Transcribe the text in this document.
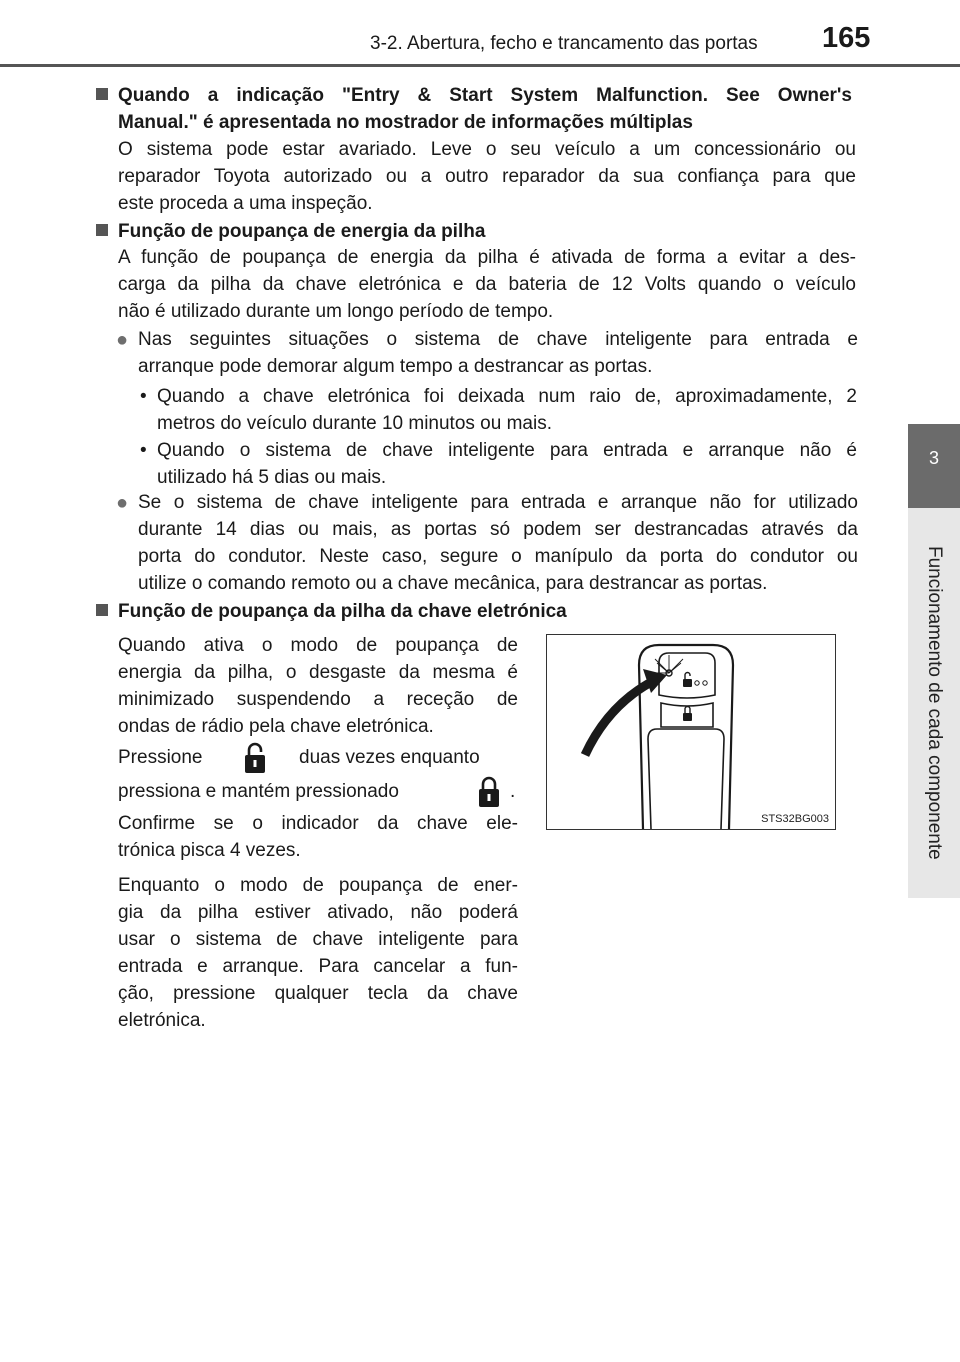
3-2. Abertura, fecho e trancamento das portas 165
3
Funcionamento de cada componente
Quando a indicação "Entry & Start System Malfunction. See Owner's
Manual." é apresentada no mostrador de informações múltiplas
O sistema pode estar avariado. Leve o seu veículo a um concessionário ou
reparador Toyota autorizado ou a outro reparador da sua confiança para que
este proceda a uma inspeção.
Função de poupança de energia da pilha
A função de poupança de energia da pilha é ativada de forma a evitar a des-
carga da pilha da chave eletrónica e da bateria de 12 Volts quando o veículo
não é utilizado durante um longo período de tempo.
● Nas seguintes situações o sistema de chave inteligente para entrada e
arranque pode demorar algum tempo a destrancar as portas.
• Quando a chave eletrónica foi deixada num raio de, aproximadamente, 2
metros do veículo durante 10 minutos ou mais.
• Quando o sistema de chave inteligente para entrada e arranque não é
utilizado há 5 dias ou mais.
● Se o sistema de chave inteligente para entrada e arranque não for utilizado
durante 14 dias ou mais, as portas só podem ser destrancadas através da
porta do condutor. Neste caso, segure o manípulo da porta do condutor ou
utilize o comando remoto ou a chave mecânica, para destrancar as portas.
Função de poupança da pilha da chave eletrónica
Quando ativa o modo de poupança de
energia da pilha, o desgaste da mesma é
minimizado suspendendo a receção de
ondas de rádio pela chave eletrónica.
Pressione	duas vezes enquanto
pressiona e mantém pressionado	.
Confirme se o indicador da chave ele-
trónica pisca 4 vezes.
Enquanto o modo de poupança de ener-
gia da pilha estiver ativado, não poderá
usar o sistema de chave inteligente para
entrada e arranque. Para cancelar a fun-
ção, pressione qualquer tecla da chave
eletrónica.
STS32BG003
